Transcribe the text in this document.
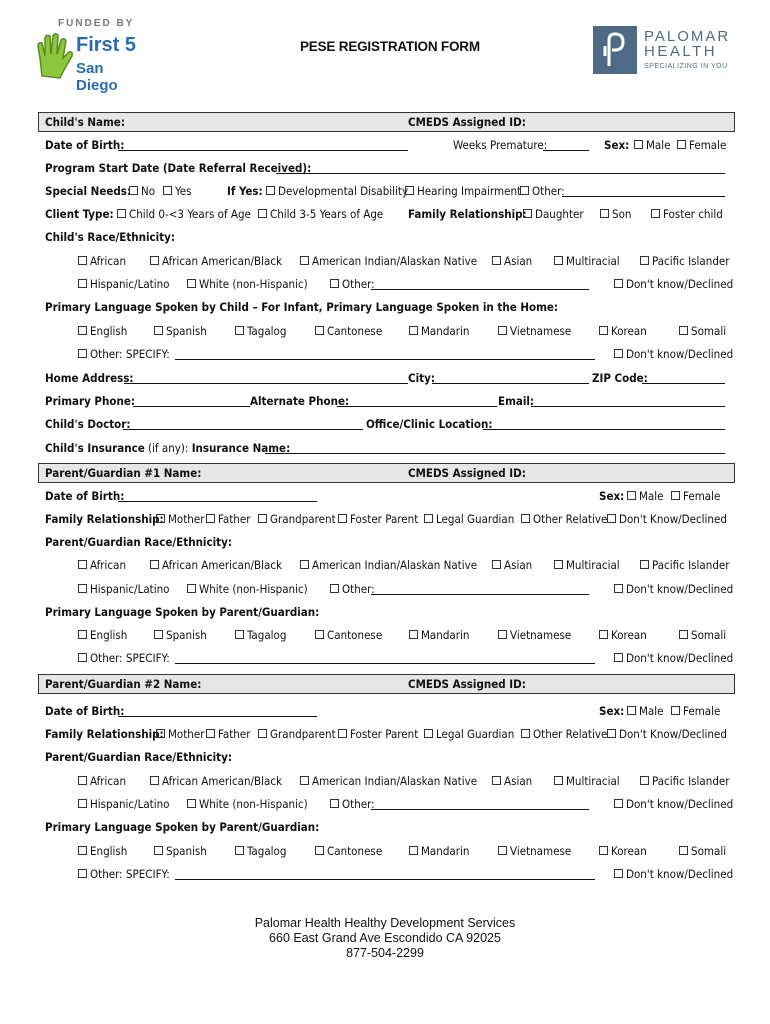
FUNDED BY
First 5
San Diego
PESE REGISTRATION FORM
PALOMAR
HEALTH
SPECIALIZING IN YOU
Child's Name:	CMEDS Assigned ID:
Date of Birth:	Weeks Premature:	Sex:	Male	Female
Program Start Date (Date Referral Received):
Special Needs: No	Yes	If Yes:	Developmental Disability Hearing Impairment Other:
Client Type:	Child 0-<3 Years of Age	Child 3-5 Years of Age Family Relationship: Daughter	Son	Foster child
Child's Race/Ethnicity:
African	African American/Black	American Indian/Alaskan Native	Asian	Multiracial	Pacific Islander
Hispanic/Latino	White (non-Hispanic)	Other:	Don't know/Declined
Primary Language Spoken by Child – For Infant, Primary Language Spoken in the Home:
English	Spanish	Tagalog	Cantonese	Mandarin	Vietnamese	Korean	Somali
Other: SPECIFY:	Don't know/Declined
Home Address:	City:	ZIP Code:
Primary Phone:	Alternate Phone:	Email:
Child's Doctor:	Office/Clinic Location:
Child's Insurance (if any): Insurance Name:
Parent/Guardian #1 Name:	CMEDS Assigned ID:
Date of Birth:	Sex:	Male	Female
Family Relationship: Mother	Father	Grandparent	Foster Parent	Legal Guardian	Other Relative	Don't Know/Declined
Parent/Guardian Race/Ethnicity:
African	African American/Black	American Indian/Alaskan Native	Asian	Multiracial	Pacific Islander
Hispanic/Latino	White (non-Hispanic)	Other:	Don't know/Declined
Primary Language Spoken by Parent/Guardian:
English	Spanish	Tagalog	Cantonese	Mandarin	Vietnamese	Korean	Somali
Other: SPECIFY:	Don't know/Declined
Parent/Guardian #2 Name:	CMEDS Assigned ID:
Date of Birth:	Sex:	Male	Female
Family Relationship: Mother	Father	Grandparent	Foster Parent	Legal Guardian	Other Relative	Don't Know/Declined
Parent/Guardian Race/Ethnicity:
African	African American/Black	American Indian/Alaskan Native	Asian	Multiracial	Pacific Islander
Hispanic/Latino	White (non-Hispanic)	Other:	Don't know/Declined
Primary Language Spoken by Parent/Guardian:
English	Spanish	Tagalog	Cantonese	Mandarin	Vietnamese	Korean	Somali
Other: SPECIFY:	Don't know/Declined
Palomar Health Healthy Development Services
660 East Grand Ave Escondido CA 92025
877-504-2299
